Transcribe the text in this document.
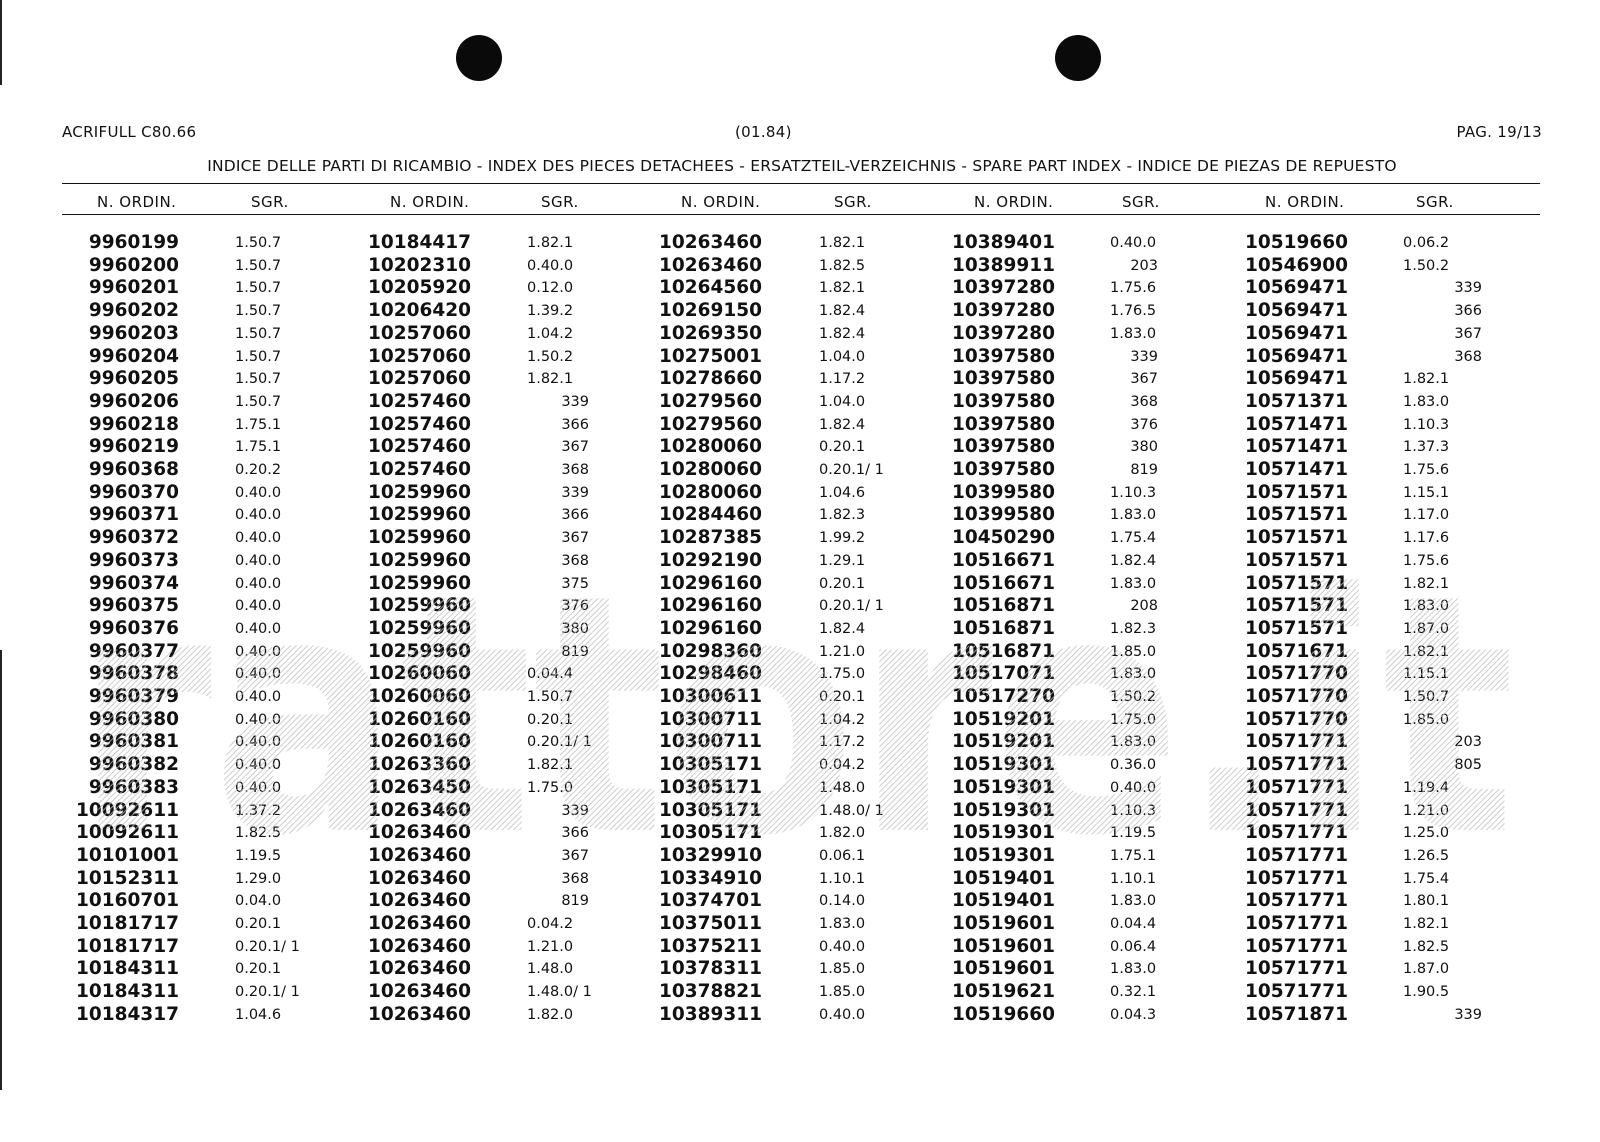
ACRIFULL C80.66	(01.84)	PAG. 19/13
INDICE DELLE PARTI DI RICAMBIO - INDEX DES PIECES DETACHEES - ERSATZTEIL-VERZEICHNIS - SPARE PART INDEX - INDICE DE PIEZAS DE REPUESTO
N. ORDIN.	SGR.	N. ORDIN.	SGR.	N. ORDIN.	SGR.	N. ORDIN.	SGR.	N. ORDIN.	SGR.
9960199	1.50.7	10184417	1.82.1	10263460	1.82.1	10389401	0.40.0	10519660	0.06.2
9960200	1.50.7	10202310	0.40.0	10263460	1.82.5	10389911	203	10546900	1.50.2
9960201	1.50.7	10205920	0.12.0	10264560	1.82.1	10397280	1.75.6	10569471	339
9960202	1.50.7	10206420	1.39.2	10269150	1.82.4	10397280	1.76.5	10569471	366
9960203	1.50.7	10257060	1.04.2	10269350	1.82.4	10397280	1.83.0	10569471	367
9960204	1.50.7	10257060	1.50.2	10275001	1.04.0	10397580	339	10569471	368
9960205	1.50.7	10257060	1.82.1	10278660	1.17.2	10397580	367	10569471	1.82.1
9960206	1.50.7	10257460	339	10279560	1.04.0	10397580	368	10571371	1.83.0
9960218	1.75.1	10257460	366	10279560	1.82.4	10397580	376	10571471	1.10.3
9960219	1.75.1	10257460	367	10280060	0.20.1	10397580	380	10571471	1.37.3
9960368	0.20.2	10257460	368	10280060	0.20.1/ 1	10397580	819	10571471	1.75.6
9960370	0.40.0	10259960	339	10280060	1.04.6	10399580	1.10.3	10571571	1.15.1
9960371	0.40.0	10259960	366	10284460	1.82.3	10399580	1.83.0	10571571	1.17.0
9960372	0.40.0	10259960	367	10287385	1.99.2	10450290	1.75.4	10571571	1.17.6
9960373	0.40.0	10259960	368	10292190	1.29.1	10516671	1.82.4	10571571	1.75.6
9960374	0.40.0	10259960	375	10296160	0.20.1	10516671	1.83.0	10571571	1.82.1
9960375	0.40.0	10259960	376	10296160	0.20.1/ 1	10516871	208	10571571	1.83.0
9960376	0.40.0	10259960	380	10296160	1.82.4	10516871	1.82.3	10571571	1.87.0
9960377	0.40.0	10259960	819	10298360	1.21.0	10516871	1.85.0	10571671	1.82.1
9960378	0.40.0	10260060	0.04.4	10298460	1.75.0	10517071	1.83.0	10571770	1.15.1
9960379	0.40.0	10260060	1.50.7	10300611	0.20.1	10517270	1.50.2	10571770	1.50.7
9960380	0.40.0	10260160	0.20.1	10300711	1.04.2	10519201	1.75.0	10571770	1.85.0
9960381	0.40.0	10260160	0.20.1/ 1	10300711	1.17.2	10519201	1.83.0	10571771	203
9960382	0.40.0	10263360	1.82.1	10305171	0.04.2	10519301	0.36.0	10571771	805
9960383	0.40.0	10263450	1.75.0	10305171	1.48.0	10519301	0.40.0	10571771	1.19.4
10092611	1.37.2	10263460	339	10305171	1.48.0/ 1	10519301	1.10.3	10571771	1.21.0
10092611	1.82.5	10263460	366	10305171	1.82.0	10519301	1.19.5	10571771	1.25.0
10101001	1.19.5	10263460	367	10329910	0.06.1	10519301	1.75.1	10571771	1.26.5
10152311	1.29.0	10263460	368	10334910	1.10.1	10519401	1.10.1	10571771	1.75.4
10160701	0.04.0	10263460	819	10374701	0.14.0	10519401	1.83.0	10571771	1.80.1
10181717	0.20.1	10263460	0.04.2	10375011	1.83.0	10519601	0.04.4	10571771	1.82.1
10181717	0.20.1/ 1	10263460	1.21.0	10375211	0.40.0	10519601	0.06.4	10571771	1.82.5
10184311	0.20.1	10263460	1.48.0	10378311	1.85.0	10519601	1.83.0	10571771	1.87.0
10184311	0.20.1/ 1	10263460	1.48.0/ 1	10378821	1.85.0	10519621	0.32.1	10571771	1.90.5
10184317	1.04.6	10263460	1.82.0	10389311	0.40.0	10519660	0.04.3	10571871	339
rattore.it
